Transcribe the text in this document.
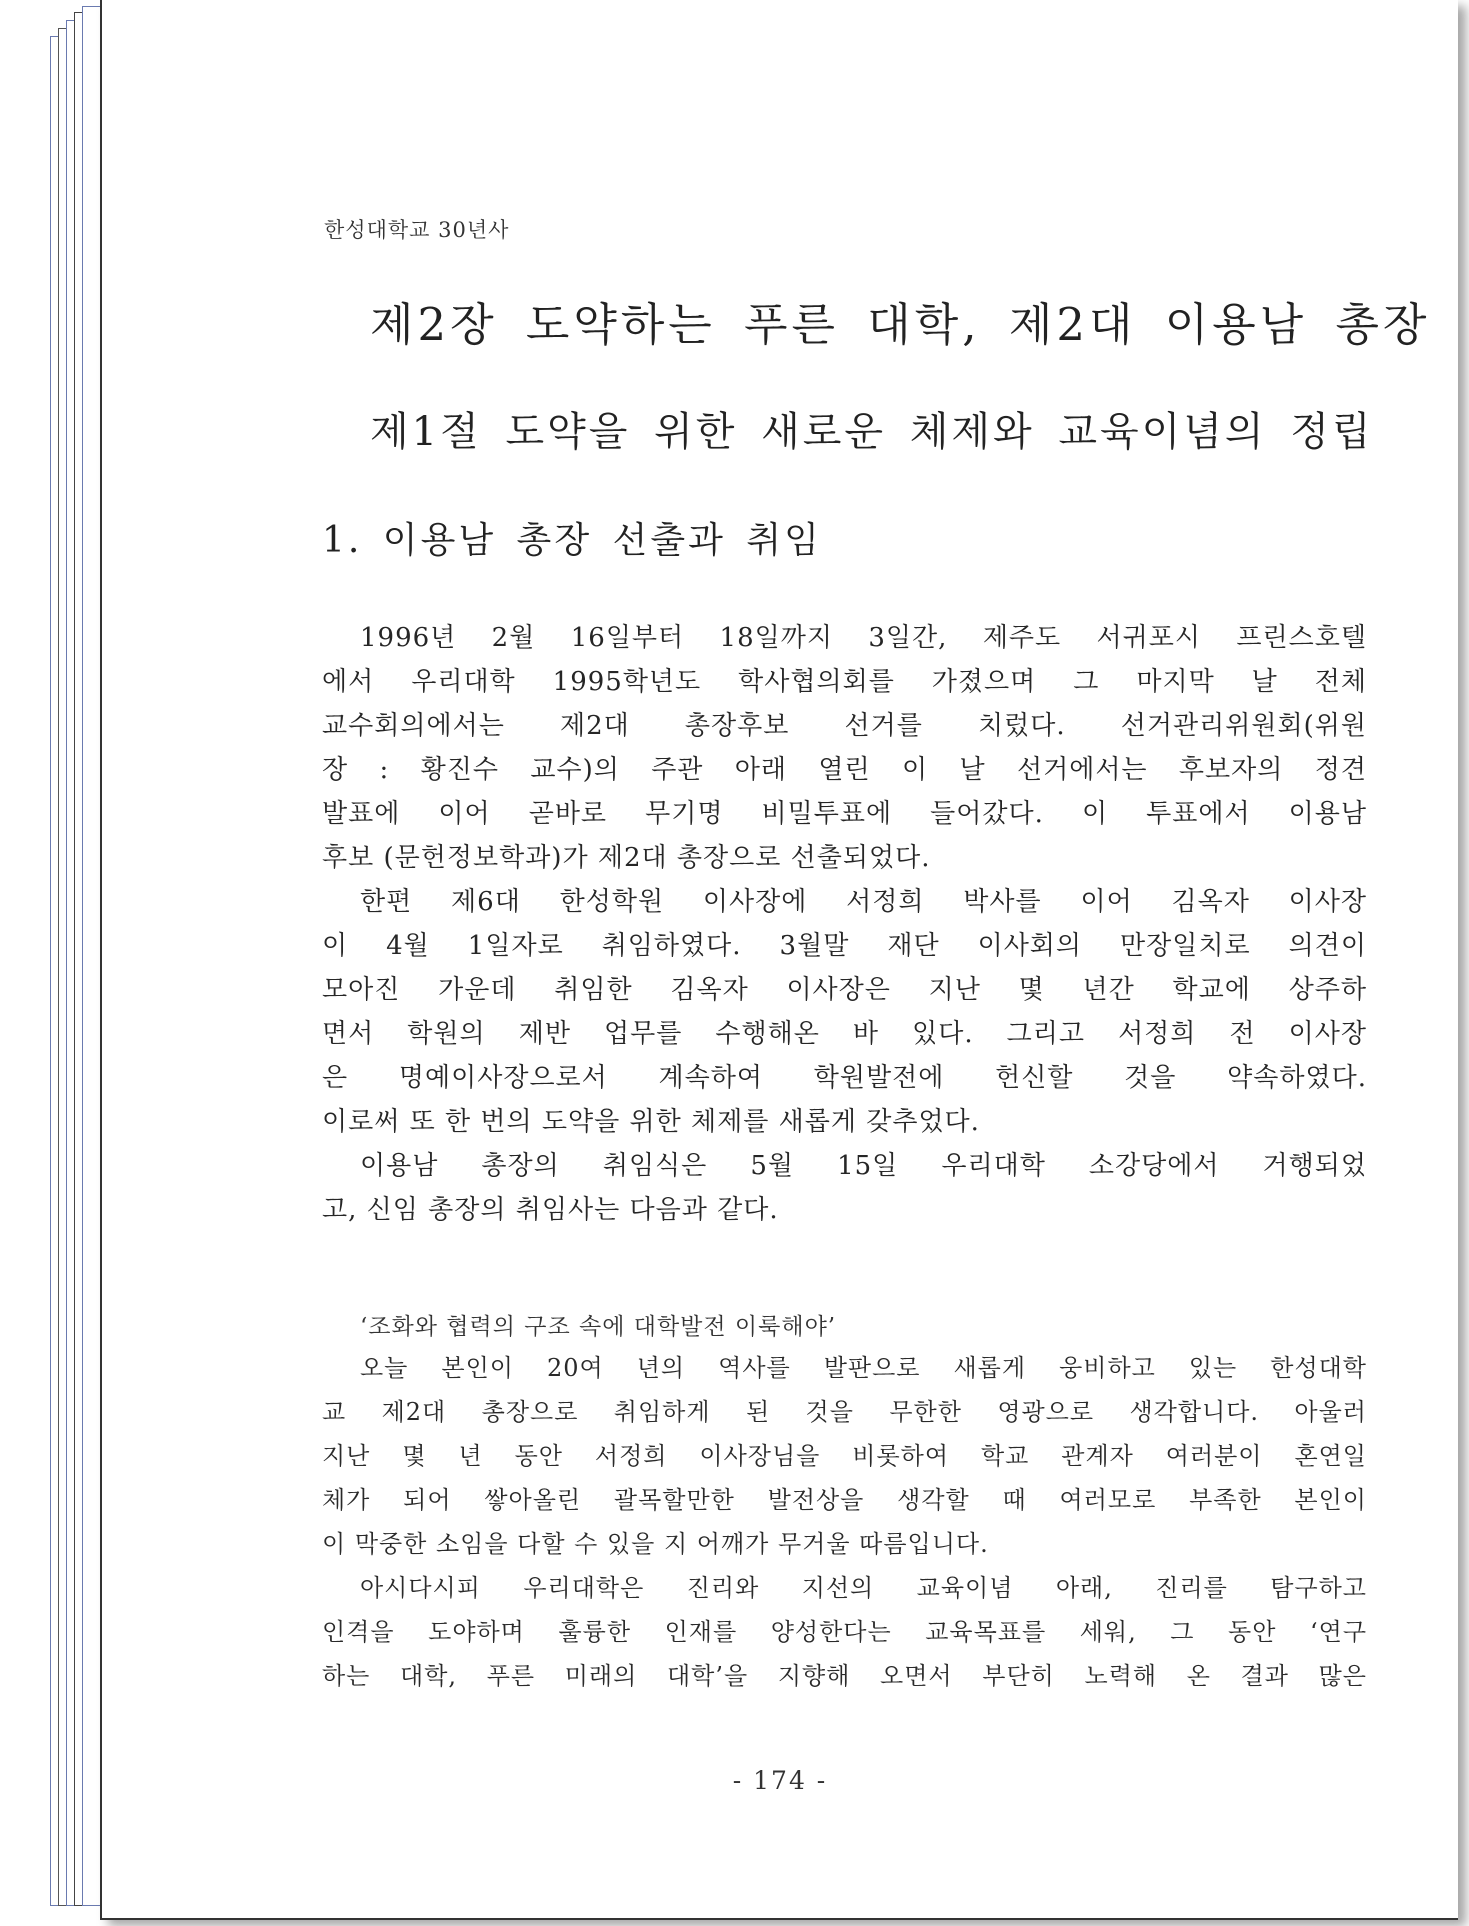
한성대학교 30년사
제2장 도약하는 푸른 대학, 제2대 이용남 총장
제1절 도약을 위한 새로운 체제와 교육이념의 정립
1. 이용남 총장 선출과 취임
1996년 2월 16일부터 18일까지 3일간, 제주도 서귀포시 프린스호텔
에서 우리대학 1995학년도 학사협의회를 가졌으며 그 마지막 날 전체
교수회의에서는 제2대 총장후보 선거를 치렀다. 선거관리위원회(위원
장 : 황진수 교수)의 주관 아래 열린 이 날 선거에서는 후보자의 정견
발표에 이어 곧바로 무기명 비밀투표에 들어갔다. 이 투표에서 이용남
후보 (문헌정보학과)가 제2대 총장으로 선출되었다.
한편 제6대 한성학원 이사장에 서정희 박사를 이어 김옥자 이사장
이 4월 1일자로 취임하였다. 3월말 재단 이사회의 만장일치로 의견이
모아진 가운데 취임한 김옥자 이사장은 지난 몇 년간 학교에 상주하
면서 학원의 제반 업무를 수행해온 바 있다. 그리고 서정희 전 이사장
은 명예이사장으로서 계속하여 학원발전에 헌신할 것을 약속하였다.
이로써 또 한 번의 도약을 위한 체제를 새롭게 갖추었다.
이용남 총장의 취임식은 5월 15일 우리대학 소강당에서 거행되었
고, 신임 총장의 취임사는 다음과 같다.
‘조화와 협력의 구조 속에 대학발전 이룩해야’
오늘 본인이 20여 년의 역사를 발판으로 새롭게 웅비하고 있는 한성대학
교 제2대 총장으로 취임하게 된 것을 무한한 영광으로 생각합니다. 아울러
지난 몇 년 동안 서정희 이사장님을 비롯하여 학교 관계자 여러분이 혼연일
체가 되어 쌓아올린 괄목할만한 발전상을 생각할 때 여러모로 부족한 본인이
이 막중한 소임을 다할 수 있을 지 어깨가 무거울 따름입니다.
아시다시피 우리대학은 진리와 지선의 교육이념 아래, 진리를 탐구하고
인격을 도야하며 훌륭한 인재를 양성한다는 교육목표를 세워, 그 동안 ‘연구
하는 대학, 푸른 미래의 대학’을 지향해 오면서 부단히 노력해 온 결과 많은
- 174 -
